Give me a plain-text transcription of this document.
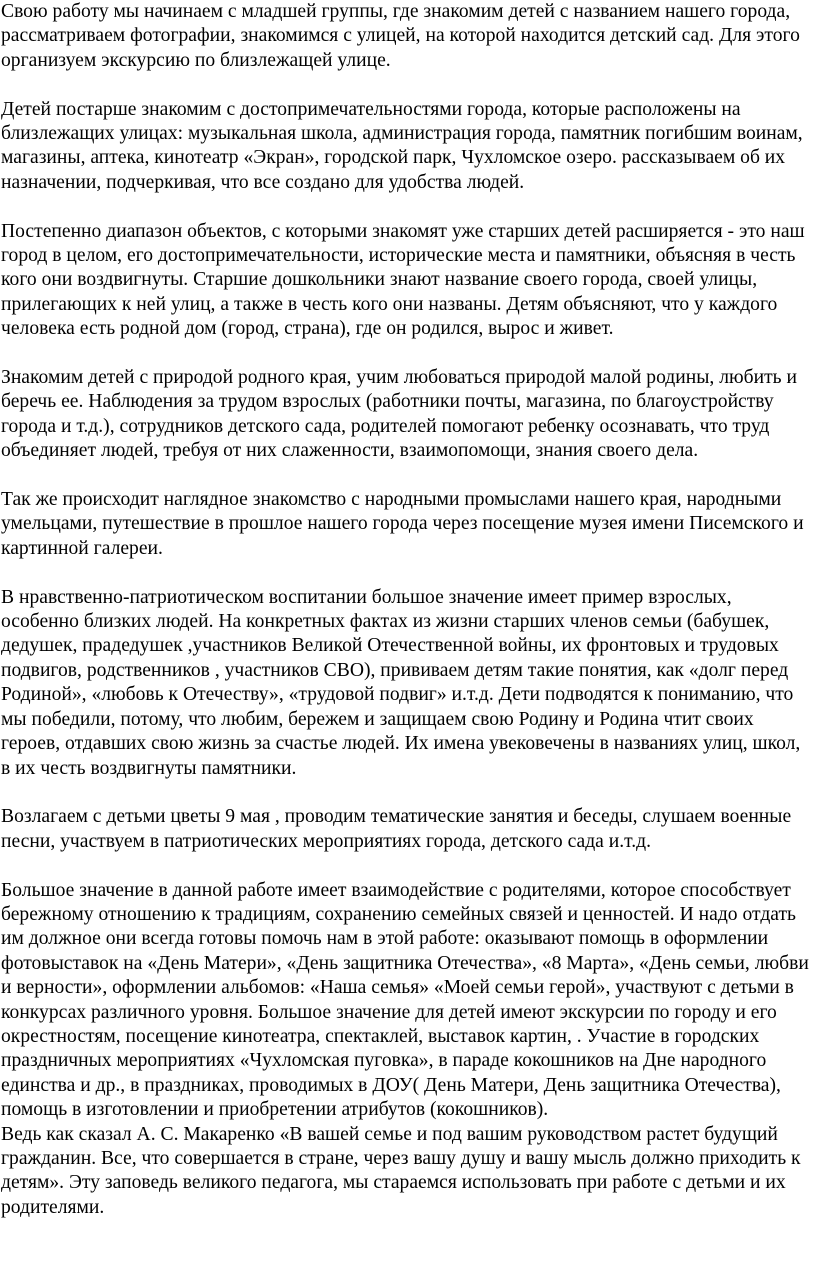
Свою работу мы начинаем с младшей группы, где знакомим детей с названием нашего города, рассматриваем фотографии, знакомимся с улицей, на которой находится детский сад. Для этого организуем экскурсию по близлежащей улице.

Детей постарше знакомим с достопримечательностями города, которые расположены на близлежащих улицах: музыкальная школа, администрация города, памятник погибшим воинам, магазины, аптека, кинотеатр «Экран», городской парк, Чухломское озеро. рассказываем об их назначении, подчеркивая, что все создано для удобства людей.

Постепенно диапазон объектов, с которыми знакомят уже старших детей расширяется - это наш город в целом, его достопримечательности, исторические места и памятники, объясняя в честь кого они воздвигнуты. Старшие дошкольники знают название своего города, своей улицы, прилегающих к ней улиц, а также в честь кого они названы. Детям объясняют, что у каждого человека есть родной дом (город, страна), где он родился, вырос и живет.

Знакомим детей с природой родного края, учим любоваться природой малой родины, любить и беречь ее. Наблюдения за трудом взрослых (работники почты, магазина, по благоустройству города и т.д.), сотрудников детского сада, родителей помогают ребенку осознавать, что труд объединяет людей, требуя от них слаженности, взаимопомощи, знания своего дела.

Так же происходит наглядное знакомство с народными промыслами нашего края, народными умельцами, путешествие в прошлое нашего города через посещение музея имени Писемского и картинной галереи.

В нравственно-патриотическом воспитании большое значение имеет пример взрослых, особенно близких людей. На конкретных фактах из жизни старших членов семьи (бабушек, дедушек, прадедушек ,участников Великой Отечественной войны, их фронтовых и трудовых подвигов, родственников , участников СВО), прививаем детям такие понятия, как «долг перед Родиной», «любовь к Отечеству», «трудовой подвиг» и.т.д. Дети подводятся к пониманию, что мы победили, потому, что любим, бережем и защищаем свою Родину и Родина чтит своих героев, отдавших свою жизнь за счастье людей. Их имена увековечены в названиях улиц, школ, в их честь воздвигнуты памятники.

Возлагаем с детьми цветы 9 мая , проводим тематические занятия и беседы, слушаем военные песни, участвуем в патриотических мероприятиях города, детского сада и.т.д.

Большое значение в данной работе имеет взаимодействие с родителями, которое способствует бережному отношению к традициям, сохранению семейных связей и ценностей. И надо отдать им должное они всегда готовы помочь нам в этой работе: оказывают помощь в оформлении фотовыставок на «День Матери», «День защитника Отечества», «8 Марта», «День семьи, любви и верности», оформлении альбомов: «Наша семья» «Моей семьи герой», участвуют с детьми в конкурсах различного уровня. Большое значение для детей имеют экскурсии по городу и его окрестностям, посещение кинотеатра, спектаклей, выставок картин, . Участие в городских праздничных мероприятиях «Чухломская пуговка», в параде кокошников на Дне народного единства и др., в праздниках, проводимых в ДОУ( День Матери, День защитника Отечества), помощь в изготовлении и приобретении атрибутов (кокошников).

Ведь как сказал А. С. Макаренко «В вашей семье и под вашим руководством растет будущий гражданин. Все, что совершается в стране, через вашу душу и вашу мысль должно приходить к детям». Эту заповедь великого педагога, мы стараемся использовать при работе с детьми и их родителями.
